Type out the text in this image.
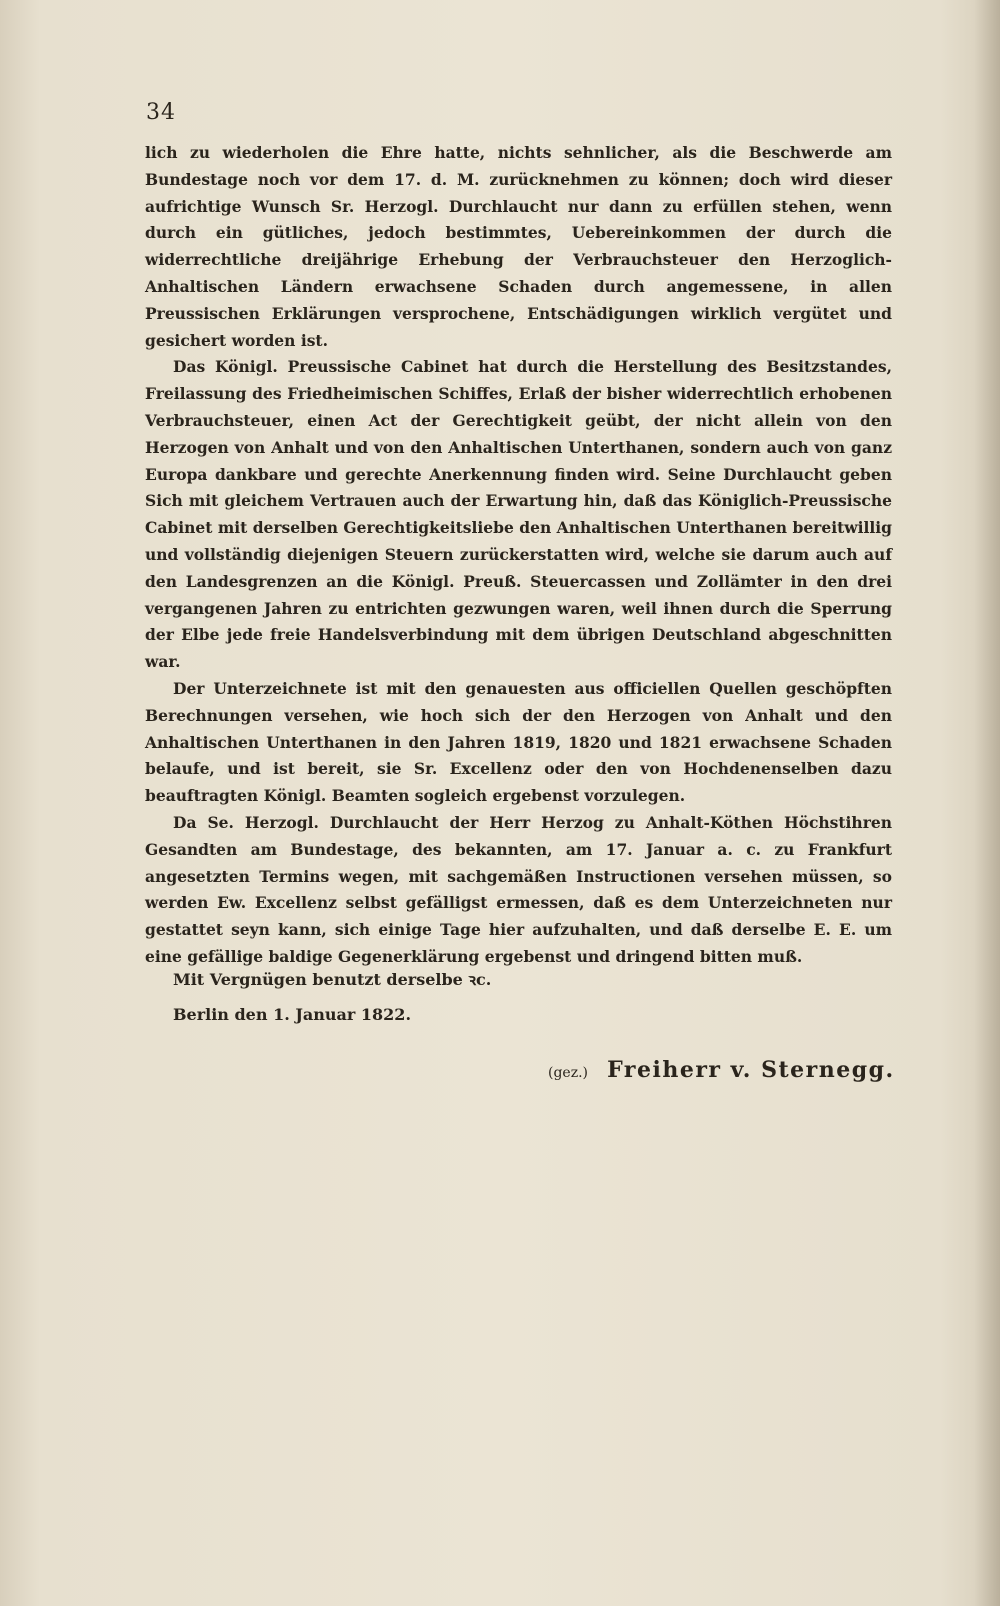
34

lich zu wiederholen die Ehre hatte, nichts sehnlicher, als die Beschwerde am Bundestage noch vor dem 17. d. M. zurücknehmen zu können; doch wird dieser aufrichtige Wunsch Sr. Herzogl. Durchlaucht nur dann zu erfüllen stehen, wenn durch ein gütliches, jedoch bestimmtes, Uebereinkommen der durch die widerrechtliche dreijährige Erhebung der Verbrauchsteuer den Herzoglich-Anhaltischen Ländern erwachsene Schaden durch angemessene, in allen Preussischen Erklärungen versprochene, Entschädigungen wirklich vergütet und gesichert worden ist.

Das Königl. Preussische Cabinet hat durch die Herstellung des Besitzstandes, Freilassung des Friedheimischen Schiffes, Erlaß der bisher widerrechtlich erhobenen Verbrauchsteuer, einen Act der Gerechtigkeit geübt, der nicht allein von den Herzogen von Anhalt und von den Anhaltischen Unterthanen, sondern auch von ganz Europa dankbare und gerechte Anerkennung finden wird. Seine Durchlaucht geben Sich mit gleichem Vertrauen auch der Erwartung hin, daß das Königlich-Preussische Cabinet mit derselben Gerechtigkeitsliebe den Anhaltischen Unterthanen bereitwillig und vollständig diejenigen Steuern zurückerstatten wird, welche sie darum auch auf den Landesgrenzen an die Königl. Preuß. Steuercassen und Zollämter in den drei vergangenen Jahren zu entrichten gezwungen waren, weil ihnen durch die Sperrung der Elbe jede freie Handelsverbindung mit dem übrigen Deutschland abgeschnitten war.

Der Unterzeichnete ist mit den genauesten aus officiellen Quellen geschöpften Berechnungen versehen, wie hoch sich der den Herzogen von Anhalt und den Anhaltischen Unterthanen in den Jahren 1819, 1820 und 1821 erwachsene Schaden belaufe, und ist bereit, sie Sr. Excellenz oder den von Hochdenenselben dazu beauftragten Königl. Beamten sogleich ergebenst vorzulegen.

Da Se. Herzogl. Durchlaucht der Herr Herzog zu Anhalt-Köthen Höchstihren Gesandten am Bundestage, des bekannten, am 17. Januar a. c. zu Frankfurt angesetzten Termins wegen, mit sachgemäßen Instructionen versehen müssen, so werden Ew. Excellenz selbst gefälligst ermessen, daß es dem Unterzeichneten nur gestattet seyn kann, sich einige Tage hier aufzuhalten, und daß derselbe E. E. um eine gefällige baldige Gegenerklärung ergebenst und dringend bitten muß.

Mit Vergnügen benutzt derselbe ꝛc.
Berlin den 1. Januar 1822.
(gez.) Freiherr v. Sternegg.
